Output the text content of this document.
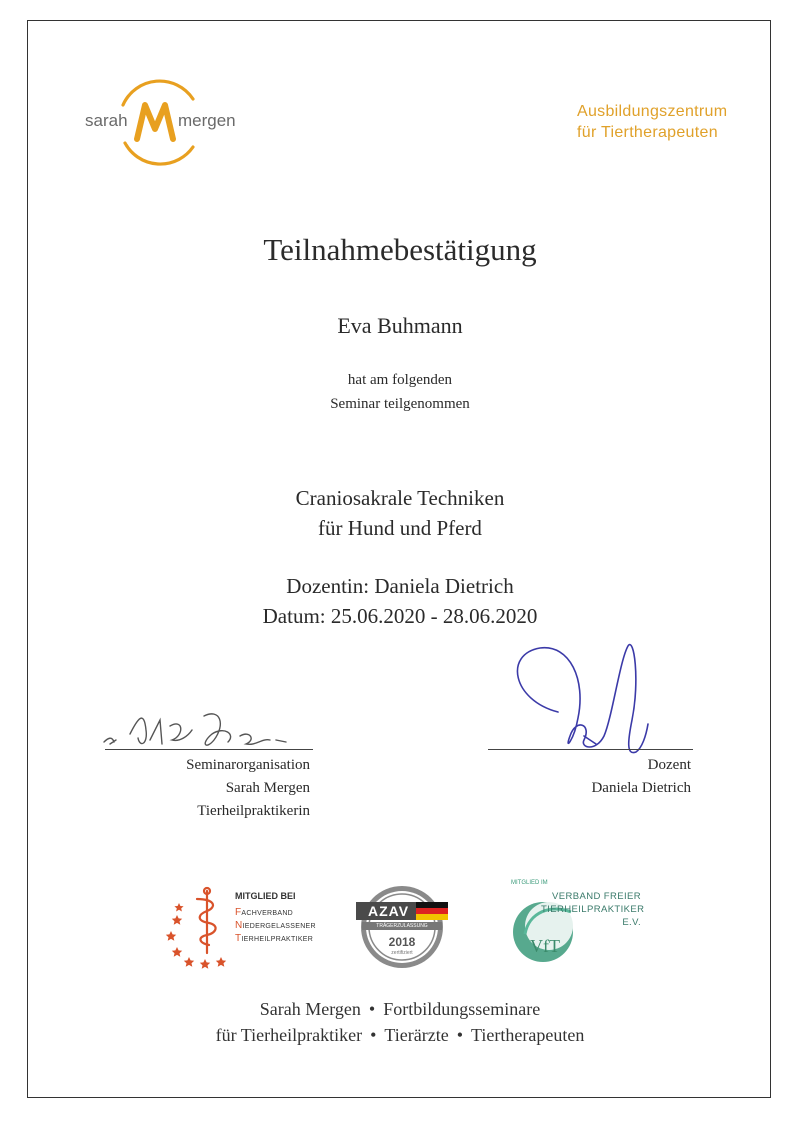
sarah	mergen	Ausbildungszentrum
für Tiertherapeuten
Teilnahmebestätigung
Eva Buhmann
hat am folgenden
Seminar teilgenommen
Craniosakrale Techniken
für Hund und Pferd
Dozentin: Daniela Dietrich
Datum: 25.06.2020 - 28.06.2020
Seminarorganisation
Sarah Mergen
Tierheilpraktikerin
Dozent
Daniela Dietrich
MITGLIED BEI
FACHVERBAND
NIEDERGELASSENER
TIERHEILPRAKTIKER
AZAV
TRÄGERZULASSUNG
2018
zertifiziert	VfT
MITGLIED IM
VERBAND FREIER
TIERHEILPRAKTIKER
E.V.
Sarah Mergen • Fortbildungsseminare
für Tierheilpraktiker • Tierärzte • Tiertherapeuten
